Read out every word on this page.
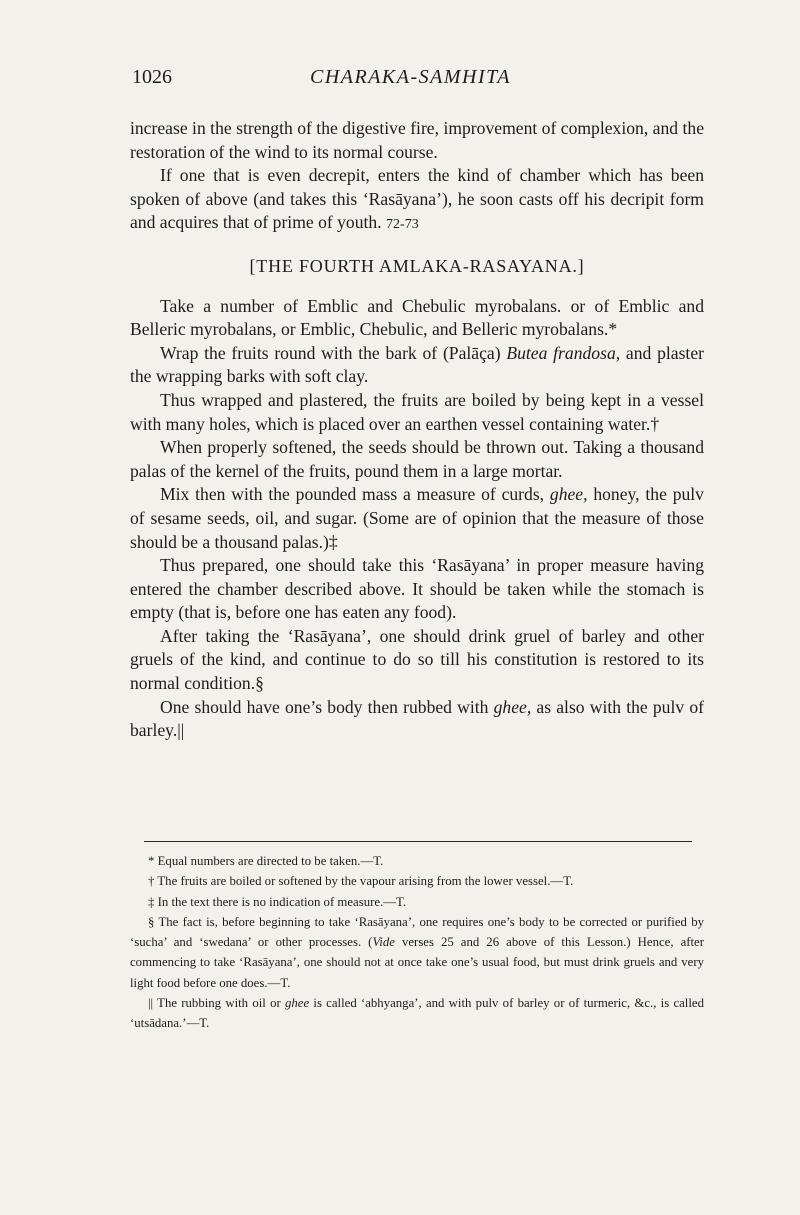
1026	CHARAKA-SAMHITA

increase in the strength of the digestive fire, improvement of complexion, and the restoration of the wind to its normal course.

If one that is even decrepit, enters the kind of chamber which has been spoken of above (and takes this ‘Rasāyana’), he soon casts off his decripit form and acquires that of prime of youth. 72-73

[THE FOURTH AMLAKA-RASAYANA.]

Take a number of Emblic and Chebulic myrobalans. or of Emblic and Belleric myrobalans, or Emblic, Chebulic, and Belleric myrobalans.*

Wrap the fruits round with the bark of (Palāça) Butea frandosa, and plaster the wrapping barks with soft clay.

Thus wrapped and plastered, the fruits are boiled by being kept in a vessel with many holes, which is placed over an earthen vessel containing water.†

When properly softened, the seeds should be thrown out. Taking a thousand palas of the kernel of the fruits, pound them in a large mortar.

Mix then with the pounded mass a measure of curds, ghee, honey, the pulv of sesame seeds, oil, and sugar. (Some are of opinion that the measure of those should be a thousand palas.)‡

Thus prepared, one should take this ‘Rasāyana’ in proper measure having entered the chamber described above. It should be taken while the stomach is empty (that is, before one has eaten any food).

After taking the ‘Rasāyana’, one should drink gruel of barley and other gruels of the kind, and continue to do so till his constitution is restored to its normal condition.§

One should have one’s body then rubbed with ghee, as also with the pulv of barley.||

* Equal numbers are directed to be taken.—T.

† The fruits are boiled or softened by the vapour arising from the lower vessel.—T.

‡ In the text there is no indication of measure.—T.

§ The fact is, before beginning to take ‘Rasāyana’, one requires one’s body to be corrected or purified by ‘sucha’ and ‘swedana’ or other processes. (Vide verses 25 and 26 above of this Lesson.) Hence, after commencing to take ‘Rasāyana’, one should not at once take one’s usual food, but must drink gruels and very light food before one does.—T.

|| The rubbing with oil or ghee is called ‘abhyanga’, and with pulv of barley or of turmeric, &c., is called ‘utsādana.’—T.
